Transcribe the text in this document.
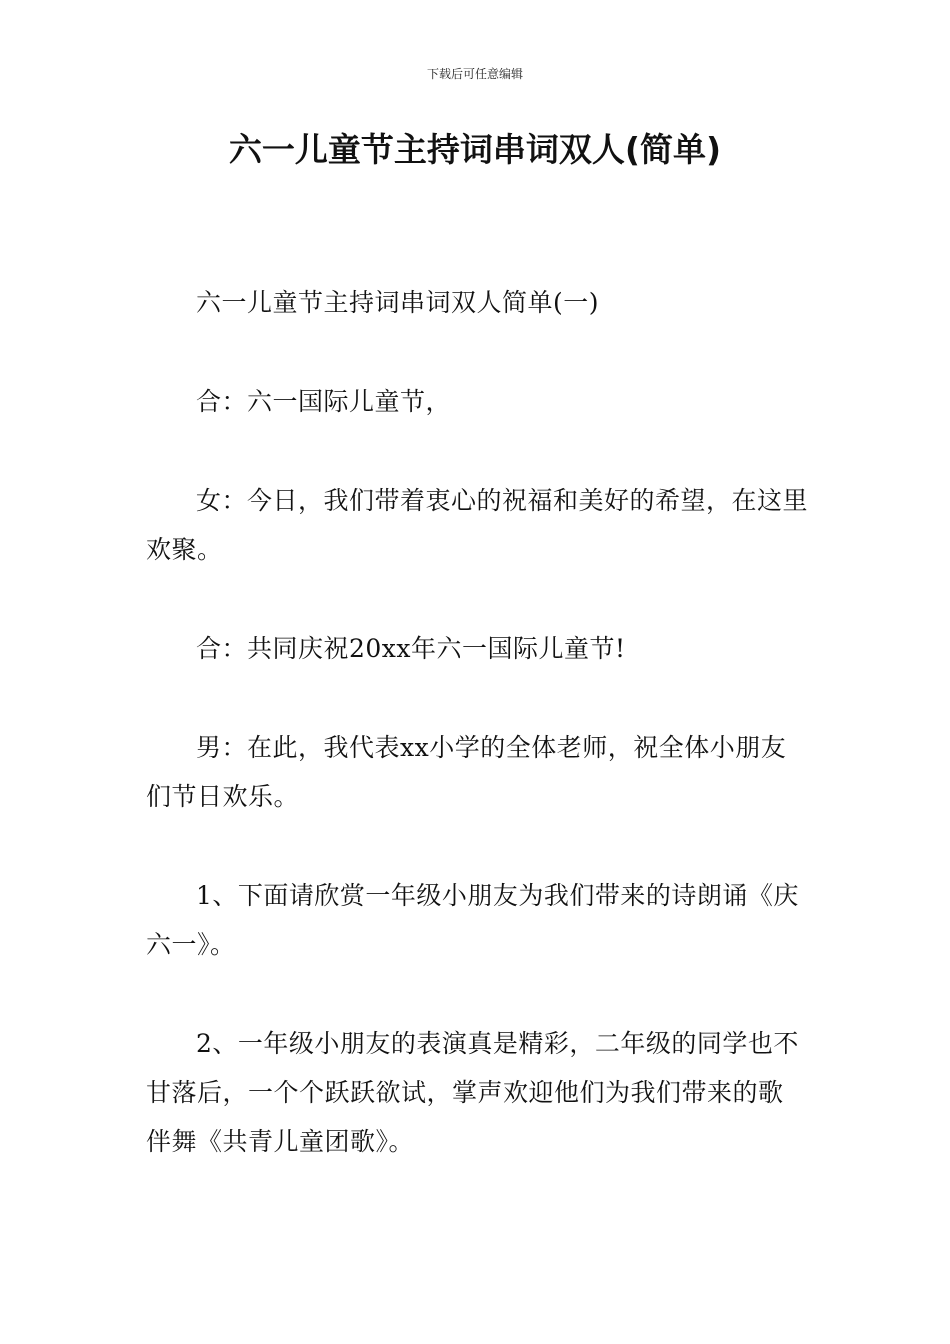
下载后可任意编辑
六一儿童节主持词串词双人(简单)

六一儿童节主持词串词双人简单(一)

合：六一国际儿童节，

女：今日，我们带着衷心的祝福和美好的希望，在这里欢聚。

合：共同庆祝20xx年六一国际儿童节!

男：在此，我代表xx小学的全体老师，祝全体小朋友们节日欢乐。

1、下面请欣赏一年级小朋友为我们带来的诗朗诵《庆六一》。

2、一年级小朋友的表演真是精彩，二年级的同学也不甘落后，一个个跃跃欲试，掌声欢迎他们为我们带来的歌伴舞《共青儿童团歌》。
